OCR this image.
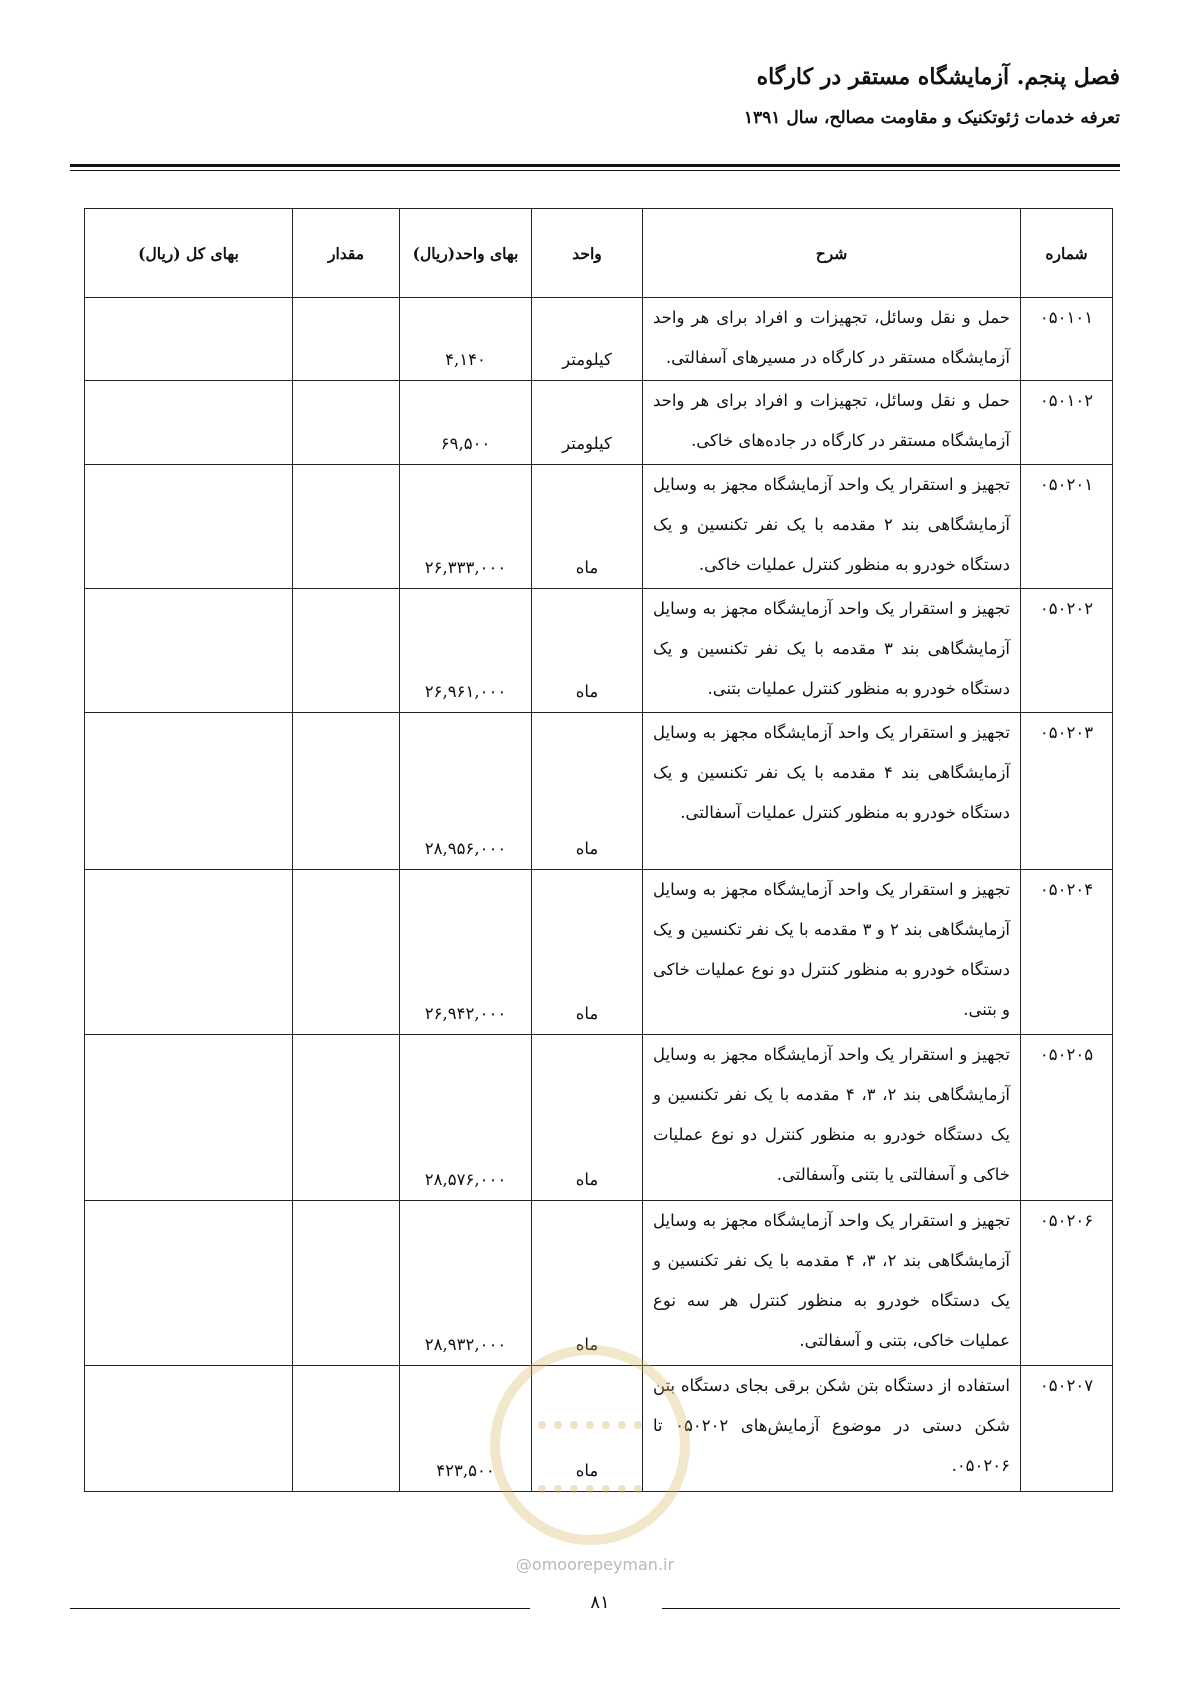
فصل پنجم. آزمایشگاه مستقر در کارگاه
تعرفه خدمات ژئوتکنیک و مقاومت مصالح، سال ۱۳۹۱
شماره	شرح	واحد	بهای واحد(ریال)	مقدار	بهای کل (ریال)
۰۵۰۱۰۱	حمل و نقل وسائل، تجهیزات و افراد برای هر واحد آزمایشگاه مستقر در کارگاه در مسیرهای آسفالتی.	کیلومتر	۴,۱۴۰		
۰۵۰۱۰۲	حمل و نقل وسائل، تجهیزات و افراد برای هر واحد آزمایشگاه مستقر در کارگاه در جاده‌های خاکی.	کیلومتر	۶۹,۵۰۰		
۰۵۰۲۰۱	تجهیز و استقرار یک واحد آزمایشگاه مجهز به وسایل آزمایشگاهی بند ۲ مقدمه با یک نفر تکنسین و یک دستگاه خودرو به منظور کنترل عملیات خاکی.	ماه	۲۶,۳۳۳,۰۰۰		
۰۵۰۲۰۲	تجهیز و استقرار یک واحد آزمایشگاه مجهز به وسایل آزمایشگاهی بند ۳ مقدمه با یک نفر تکنسین و یک دستگاه خودرو به منظور کنترل عملیات بتنی.	ماه	۲۶,۹۶۱,۰۰۰		
۰۵۰۲۰۳	تجهیز و استقرار یک واحد آزمایشگاه مجهز به وسایل آزمایشگاهی بند ۴ مقدمه با یک نفر تکنسین و یک دستگاه خودرو به منظور کنترل عملیات آسفالتی.	ماه	۲۸,۹۵۶,۰۰۰		
۰۵۰۲۰۴	تجهیز و استقرار یک واحد آزمایشگاه مجهز به وسایل آزمایشگاهی بند ۲ و ۳ مقدمه با یک نفر تکنسین و یک دستگاه خودرو به منظور کنترل دو نوع عملیات خاکی و بتنی.	ماه	۲۶,۹۴۲,۰۰۰		
۰۵۰۲۰۵	تجهیز و استقرار یک واحد آزمایشگاه مجهز به وسایل آزمایشگاهی بند ۲، ۳، ۴ مقدمه با یک نفر تکنسین و یک دستگاه خودرو به منظور کنترل دو نوع عملیات خاکی و آسفالتی یا بتنی وآسفالتی.	ماه	۲۸,۵۷۶,۰۰۰		
۰۵۰۲۰۶	تجهیز و استقرار یک واحد آزمایشگاه مجهز به وسایل آزمایشگاهی بند ۲، ۳، ۴ مقدمه با یک نفر تکنسین و یک دستگاه خودرو به منظور کنترل هر سه نوع عملیات خاکی، بتنی و آسفالتی.	ماه	۲۸,۹۳۲,۰۰۰		
۰۵۰۲۰۷	استفاده از دستگاه بتن شکن برقی بجای دستگاه بتن شکن دستی در موضوع آزمایش‌های ۰۵۰۲۰۲ تا ۰۵۰۲۰۶.	ماه	۴۲۳,۵۰۰		
@omoorepeyman.ir
۸۱
